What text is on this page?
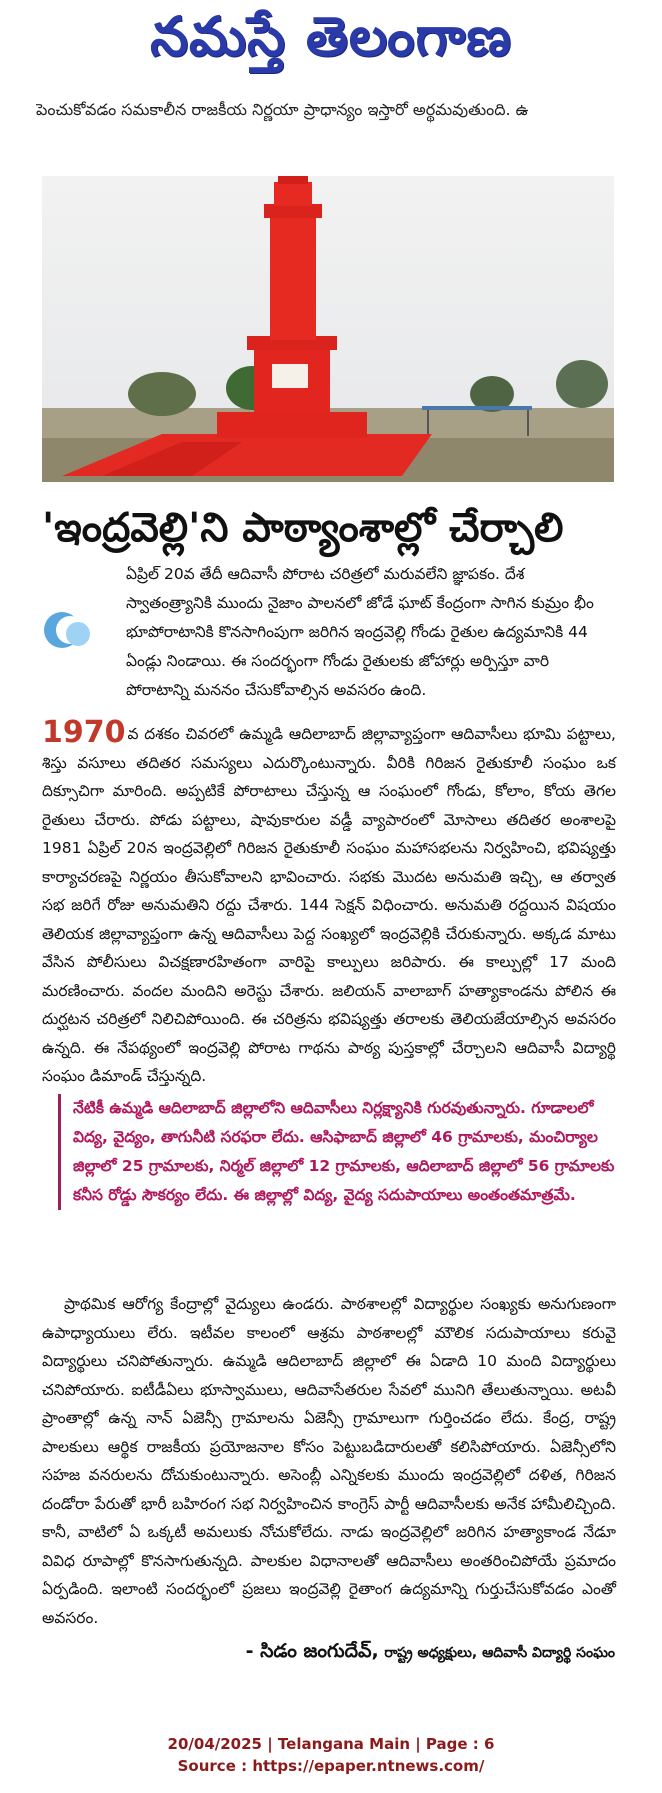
నమస్తే తెలంగాణ
పెంచుకోవడం సమకాలీన రాజకీయ నిర్ణయా ప్రాధాన్యం ఇస్తారో అర్థమవుతుంది. ఉ
'ఇంద్రవెల్లి'ని పాఠ్యాంశాల్లో చేర్చాలి

ఏప్రిల్ 20వ తేదీ ఆదివాసీ పోరాట చరిత్రలో మరువలేని జ్ఞాపకం. దేశ స్వాతంత్ర్యానికి ముందు నైజాం పాలనలో జోడే ఘాట్ కేంద్రంగా సాగిన కుమ్రం భీం భూపోరాటానికి కొనసాగింపుగా జరిగిన ఇంద్రవెల్లి గోండు రైతుల ఉద్యమానికి 44 ఏండ్లు నిండాయి. ఈ సందర్భంగా గోండు రైతులకు జోహార్లు అర్పిస్తూ వారి పోరాటాన్ని మననం చేసుకోవాల్సిన అవసరం ఉంది.

1970 వ దశకం చివరలో ఉమ్మడి ఆదిలాబాద్ జిల్లావ్యాప్తంగా ఆదివాసీలు భూమి పట్టాలు, శిస్తు వసూలు తదితర సమస్యలు ఎదుర్కొంటున్నారు. వీరికి గిరిజన రైతుకూలీ సంఘం ఒక దిక్సూచిగా మారింది. అప్పటికే పోరాటాలు చేస్తున్న ఆ సంఘంలో గోండు, కోలాం, కోయ తెగల రైతులు చేరారు. పోడు పట్టాలు, షావుకారుల వడ్డీ వ్యాపారంలో మోసాలు తదితర అంశాలపై 1981 ఏప్రిల్ 20న ఇంద్రవెల్లిలో గిరిజన రైతుకూలీ సంఘం మహాసభలను నిర్వహించి, భవిష్యత్తు కార్యాచరణపై నిర్ణయం తీసుకోవాలని భావించారు. సభకు మొదట అనుమతి ఇచ్చి, ఆ తర్వాత సభ జరిగే రోజు అనుమతిని రద్దు చేశారు. 144 సెక్షన్ విధించారు. అనుమతి రద్దయిన విషయం తెలియక జిల్లావ్యాప్తంగా ఉన్న ఆదివాసీలు పెద్ద సంఖ్యలో ఇంద్రవెల్లికి చేరుకున్నారు. అక్కడ మాటు వేసిన పోలీసులు విచక్షణారహితంగా వారిపై కాల్పులు జరిపారు. ఈ కాల్పుల్లో 17 మంది మరణించారు. వందల మందిని అరెస్టు చేశారు. జలియన్ వాలాబాగ్ హత్యాకాండను పోలిన ఈ దుర్ఘటన చరిత్రలో నిలిచిపోయింది. ఈ చరిత్రను భవిష్యత్తు తరాలకు తెలియజేయాల్సిన అవసరం ఉన్నది. ఈ నేపథ్యంలో ఇంద్రవెల్లి పోరాట గాథను పాఠ్య పుస్తకాల్లో చేర్చాలని ఆదివాసీ విద్యార్థి సంఘం డిమాండ్ చేస్తున్నది.

నేటికీ ఉమ్మడి ఆదిలాబాద్ జిల్లాలోని ఆదివాసీలు నిర్లక్ష్యానికి గురవుతున్నారు. గూడాలలో విద్య, వైద్యం, తాగునీటి సరఫరా లేదు. ఆసిఫాబాద్ జిల్లాలో 46 గ్రామాలకు, మంచిర్యాల జిల్లాలో 25 గ్రామాలకు, నిర్మల్ జిల్లాలో 12 గ్రామాలకు, ఆదిలాబాద్ జిల్లాలో 56 గ్రామాలకు కనీస రోడ్డు సౌకర్యం లేదు. ఈ జిల్లాల్లో విద్య, వైద్య సదుపాయాలు అంతంతమాత్రమే.

ప్రాథమిక ఆరోగ్య కేంద్రాల్లో వైద్యులు ఉండరు. పాఠశాలల్లో విద్యార్థుల సంఖ్యకు అనుగుణంగా ఉపాధ్యాయులు లేరు. ఇటీవల కాలంలో ఆశ్రమ పాఠశాలల్లో మౌలిక సదుపాయాలు కరువై విద్యార్థులు చనిపోతున్నారు. ఉమ్మడి ఆదిలాబాద్ జిల్లాలో ఈ ఏడాది 10 మంది విద్యార్థులు చనిపోయారు. ఐటీడీఏలు భూస్వాములు, ఆదివాసేతరుల సేవలో మునిగి తేలుతున్నాయి. అటవీ ప్రాంతాల్లో ఉన్న నాన్ ఏజెన్సీ గ్రామాలను ఏజెన్సీ గ్రామాలుగా గుర్తించడం లేదు. కేంద్ర, రాష్ట్ర పాలకులు ఆర్థిక రాజకీయ ప్రయోజనాల కోసం పెట్టుబడిదారులతో కలిసిపోయారు. ఏజెన్సీలోని సహజ వనరులను దోచుకుంటున్నారు. అసెంబ్లీ ఎన్నికలకు ముందు ఇంద్రవెల్లిలో దళిత, గిరిజన దండోరా పేరుతో భారీ బహిరంగ సభ నిర్వహించిన కాంగ్రెస్ పార్టీ ఆదివాసీలకు అనేక హామీలిచ్చింది. కానీ, వాటిలో ఏ ఒక్కటీ అమలుకు నోచుకోలేదు. నాడు ఇంద్రవెల్లిలో జరిగిన హత్యాకాండ నేడూ వివిధ రూపాల్లో కొనసాగుతున్నది. పాలకుల విధానాలతో ఆదివాసీలు అంతరించిపోయే ప్రమాదం ఏర్పడింది. ఇలాంటి సందర్భంలో ప్రజలు ఇంద్రవెల్లి రైతాంగ ఉద్యమాన్ని గుర్తుచేసుకోవడం ఎంతో అవసరం.

- సిడం జంగుదేవ్, రాష్ట్ర అధ్యక్షులు, ఆదివాసీ విద్యార్థి సంఘం
20/04/2025 | Telangana Main | Page : 6
Source : https://epaper.ntnews.com/
